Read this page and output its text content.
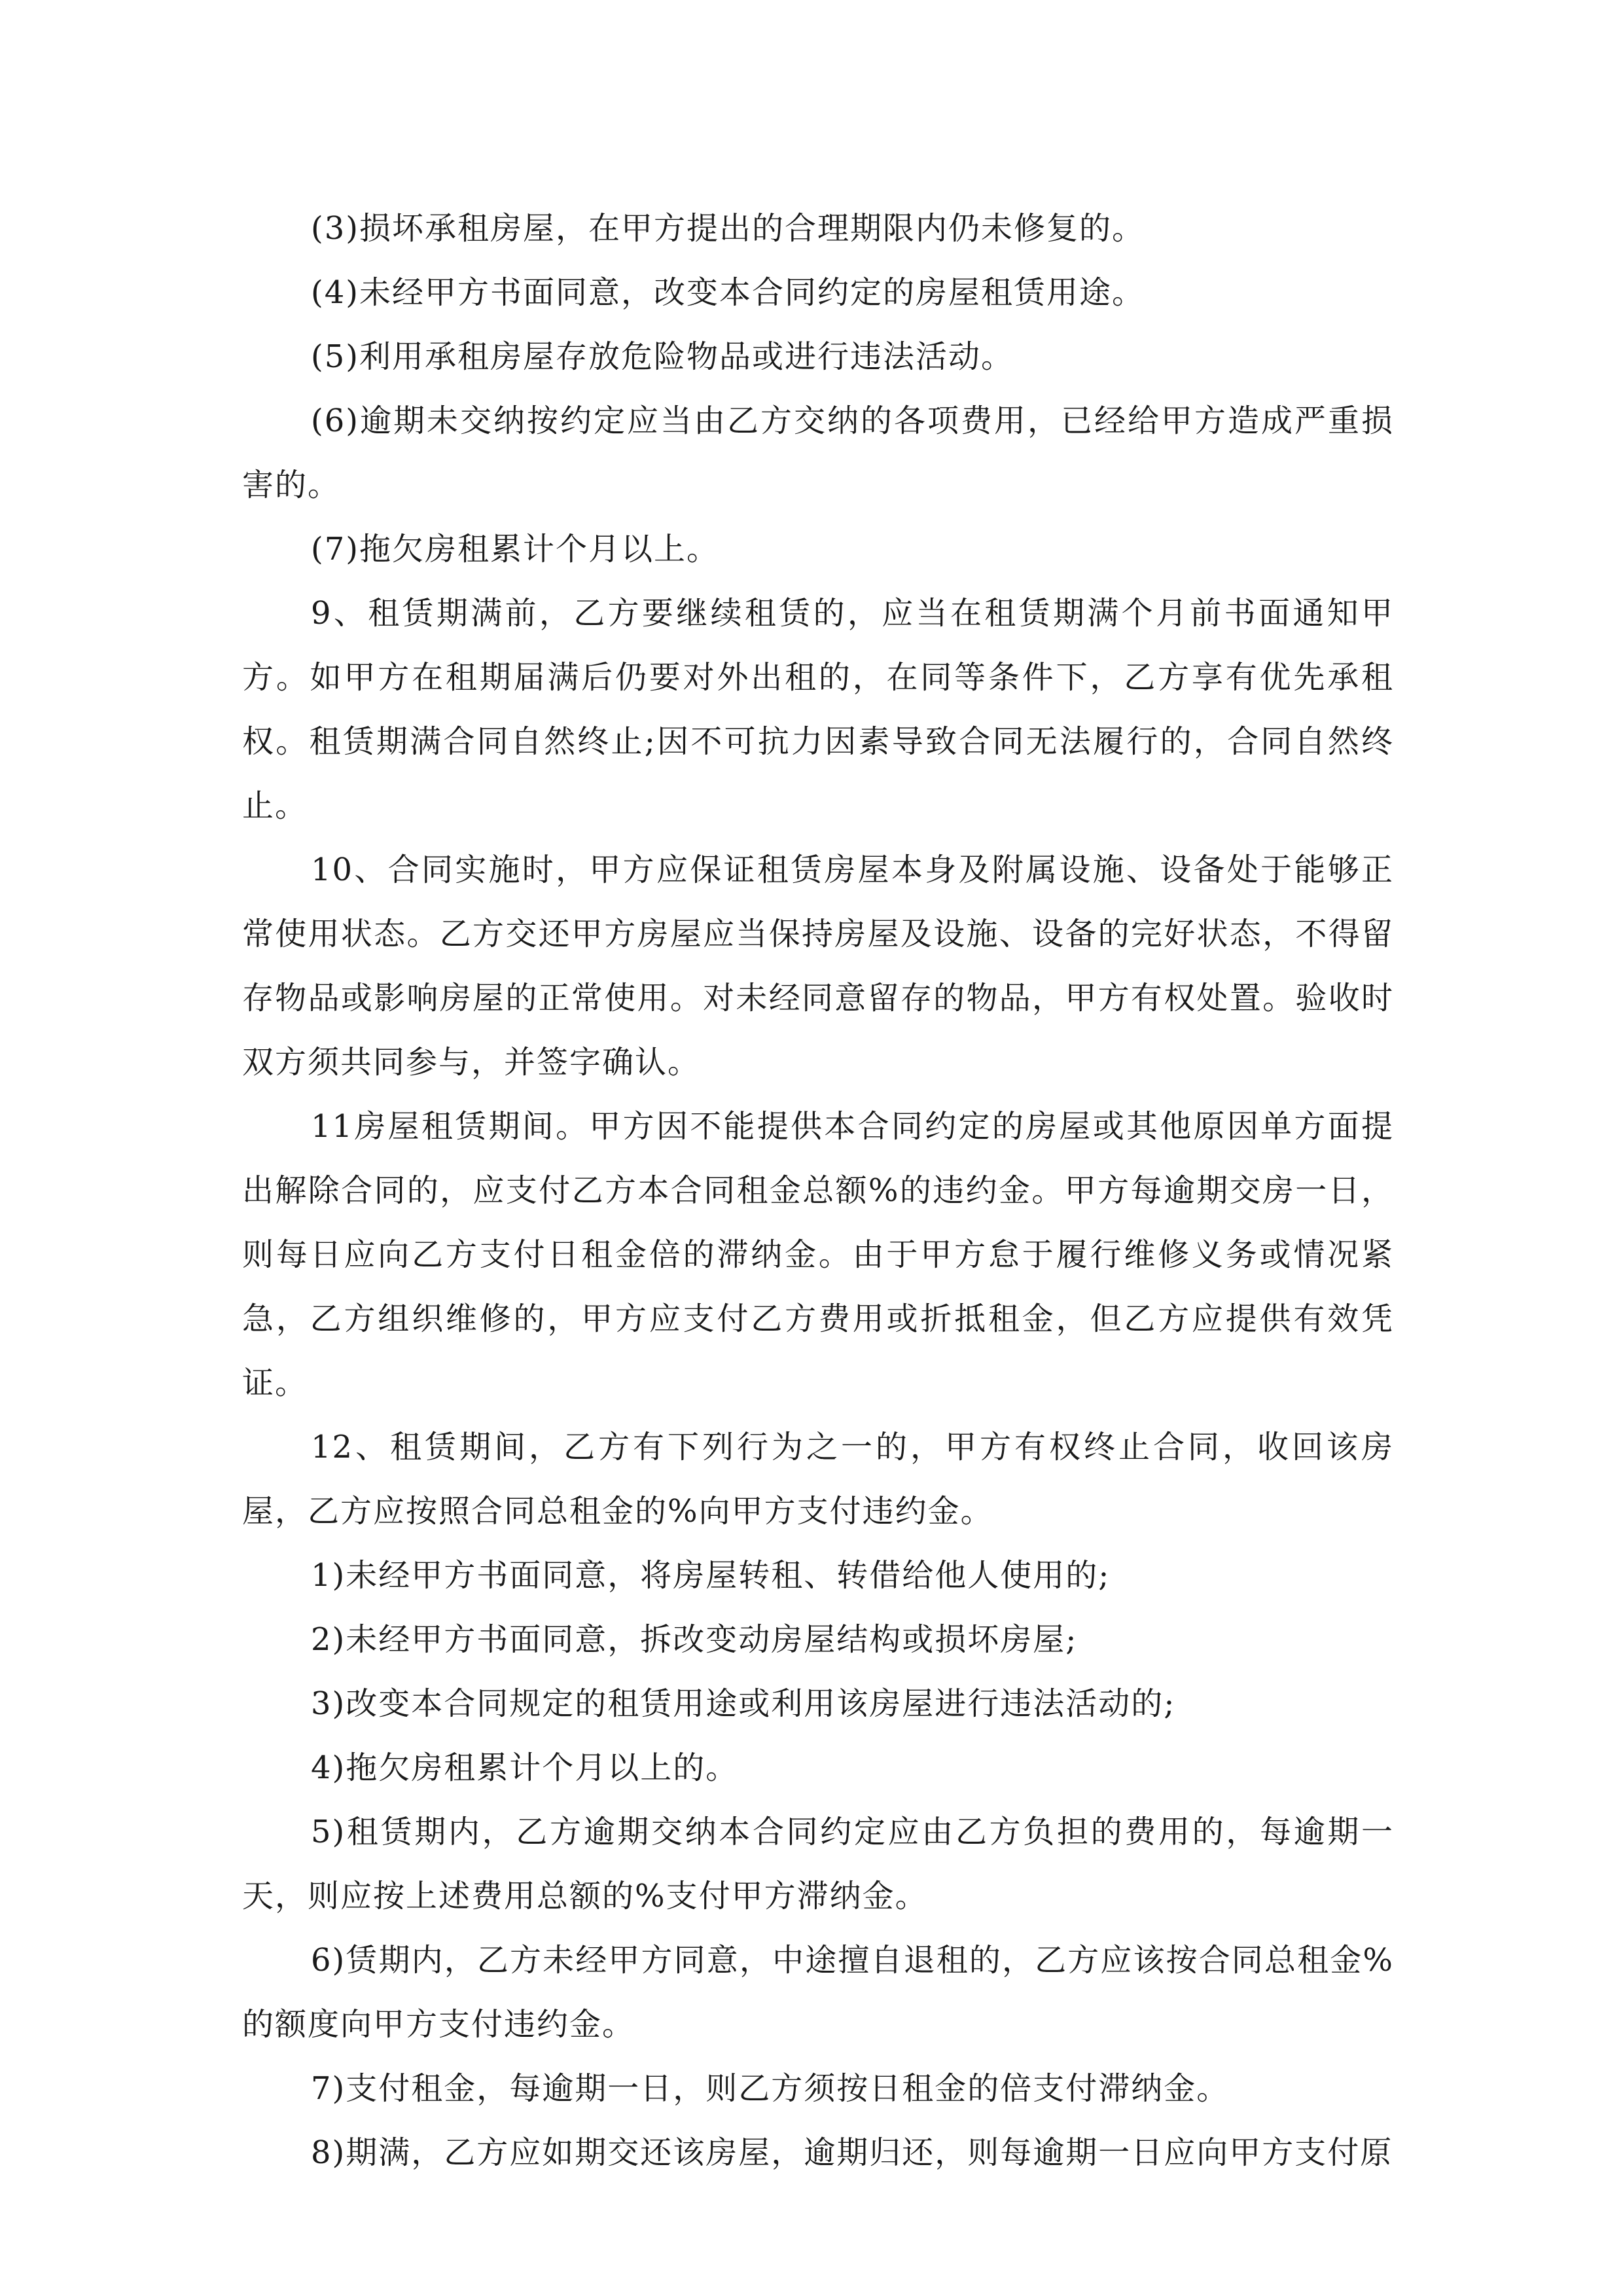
(3)损坏承租房屋，在甲方提出的合理期限内仍未修复的。

(4)未经甲方书面同意，改变本合同约定的房屋租赁用途。

(5)利用承租房屋存放危险物品或进行违法活动。

(6)逾期未交纳按约定应当由乙方交纳的各项费用，已经给甲方造成严重损害的。

(7)拖欠房租累计个月以上。

9、租赁期满前，乙方要继续租赁的，应当在租赁期满个月前书面通知甲方。如甲方在租期届满后仍要对外出租的，在同等条件下，乙方享有优先承租权。租赁期满合同自然终止;因不可抗力因素导致合同无法履行的，合同自然终止。

10、合同实施时，甲方应保证租赁房屋本身及附属设施、设备处于能够正常使用状态。乙方交还甲方房屋应当保持房屋及设施、设备的完好状态，不得留存物品或影响房屋的正常使用。对未经同意留存的物品，甲方有权处置。验收时双方须共同参与，并签字确认。

11房屋租赁期间。甲方因不能提供本合同约定的房屋或其他原因单方面提出解除合同的，应支付乙方本合同租金总额%的违约金。甲方每逾期交房一日，则每日应向乙方支付日租金倍的滞纳金。由于甲方怠于履行维修义务或情况紧急，乙方组织维修的，甲方应支付乙方费用或折抵租金，但乙方应提供有效凭证。

12、租赁期间，乙方有下列行为之一的，甲方有权终止合同，收回该房屋，乙方应按照合同总租金的%向甲方支付违约金。

1)未经甲方书面同意，将房屋转租、转借给他人使用的;

2)未经甲方书面同意，拆改变动房屋结构或损坏房屋;

3)改变本合同规定的租赁用途或利用该房屋进行违法活动的;

4)拖欠房租累计个月以上的。

5)租赁期内，乙方逾期交纳本合同约定应由乙方负担的费用的，每逾期一天，则应按上述费用总额的%支付甲方滞纳金。

6)赁期内，乙方未经甲方同意，中途擅自退租的，乙方应该按合同总租金%的额度向甲方支付违约金。

7)支付租金，每逾期一日，则乙方须按日租金的倍支付滞纳金。

8)期满，乙方应如期交还该房屋，逾期归还，则每逾期一日应向甲方支付原
